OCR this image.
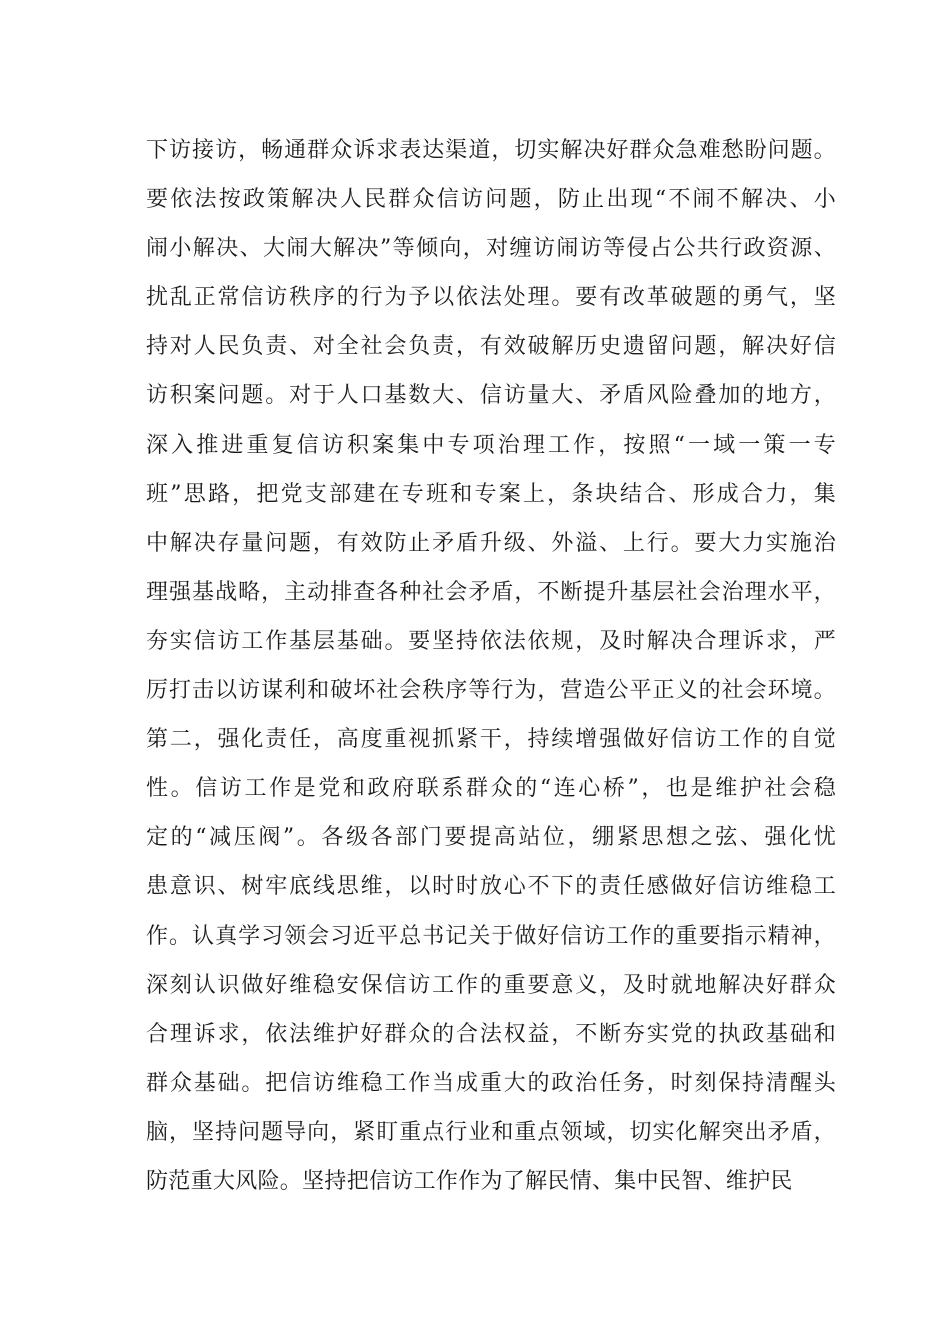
下访接访，畅通群众诉求表达渠道，切实解决好群众急难愁盼问题。
要依法按政策解决人民群众信访问题，防止出现“不闹不解决、小
闹小解决、大闹大解决”等倾向，对缠访闹访等侵占公共行政资源、
扰乱正常信访秩序的行为予以依法处理。要有改革破题的勇气，坚
持对人民负责、对全社会负责，有效破解历史遗留问题，解决好信
访积案问题。对于人口基数大、信访量大、矛盾风险叠加的地方，
深入推进重复信访积案集中专项治理工作，按照“一域一策一专
班”思路，把党支部建在专班和专案上，条块结合、形成合力，集
中解决存量问题，有效防止矛盾升级、外溢、上行。要大力实施治
理强基战略，主动排查各种社会矛盾，不断提升基层社会治理水平，
夯实信访工作基层基础。要坚持依法依规，及时解决合理诉求，严
厉打击以访谋利和破坏社会秩序等行为，营造公平正义的社会环境。
第二，强化责任，高度重视抓紧干，持续增强做好信访工作的自觉
性。信访工作是党和政府联系群众的“连心桥”，也是维护社会稳
定的“减压阀”。各级各部门要提高站位，绷紧思想之弦、强化忧
患意识、树牢底线思维，以时时放心不下的责任感做好信访维稳工
作。认真学习领会习近平总书记关于做好信访工作的重要指示精神，
深刻认识做好维稳安保信访工作的重要意义，及时就地解决好群众
合理诉求，依法维护好群众的合法权益，不断夯实党的执政基础和
群众基础。把信访维稳工作当成重大的政治任务，时刻保持清醒头
脑，坚持问题导向，紧盯重点行业和重点领域，切实化解突出矛盾，
防范重大风险。坚持把信访工作作为了解民情、集中民智、维护民
